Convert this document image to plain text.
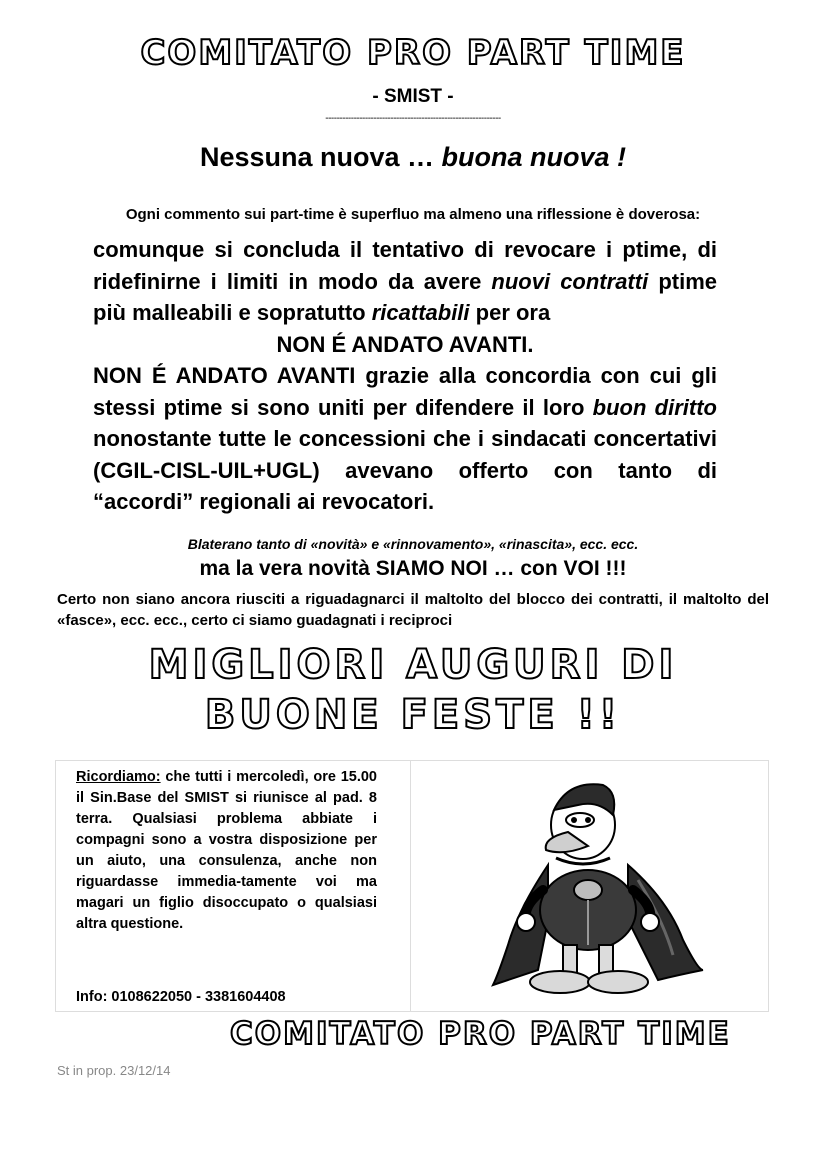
COMITATO PRO PART TIME
- SMIST -
--------------------------------------------------------------
Nessuna nuova … buona nuova !
Ogni commento sui part-time è superfluo ma almeno una riflessione è doverosa:

comunque si concluda il tentativo di revocare i ptime, di ridefinirne i limiti in modo da avere nuovi contratti ptime più malleabili e sopratutto ricattabili per ora

NON É ANDATO AVANTI.

NON É ANDATO AVANTI grazie alla concordia con cui gli stessi ptime si sono uniti per difendere il loro buon diritto nonostante tutte le concessioni che i sindacati concertativi (CGIL-CISL-UIL+UGL) avevano offerto con tanto di “accordi” regionali ai revocatori.

Blaterano tanto di «novità» e «rinnovamento», «rinascita», ecc. ecc.
ma la vera novità SIAMO NOI … con VOI !!!
Certo non siano ancora riusciti a riguadagnarci il maltolto del blocco dei contratti, il maltolto del «fasce», ecc. ecc., certo ci siamo guadagnati i reciproci
MIGLIORI AUGURI DI
BUONE FESTE !!
Ricordiamo: che tutti i mercoledì, ore 15.00 il Sin.Base del SMIST si riunisce al pad. 8 terra. Qualsiasi problema abbiate i compagni sono a vostra disposizione per un aiuto, una consulenza, anche non riguardasse immedia-tamente voi ma magari un figlio disoccupato o qualsiasi altra questione.
Info: 0108622050 - 3381604408
COMITATO PRO PART TIME
St in prop. 23/12/14
